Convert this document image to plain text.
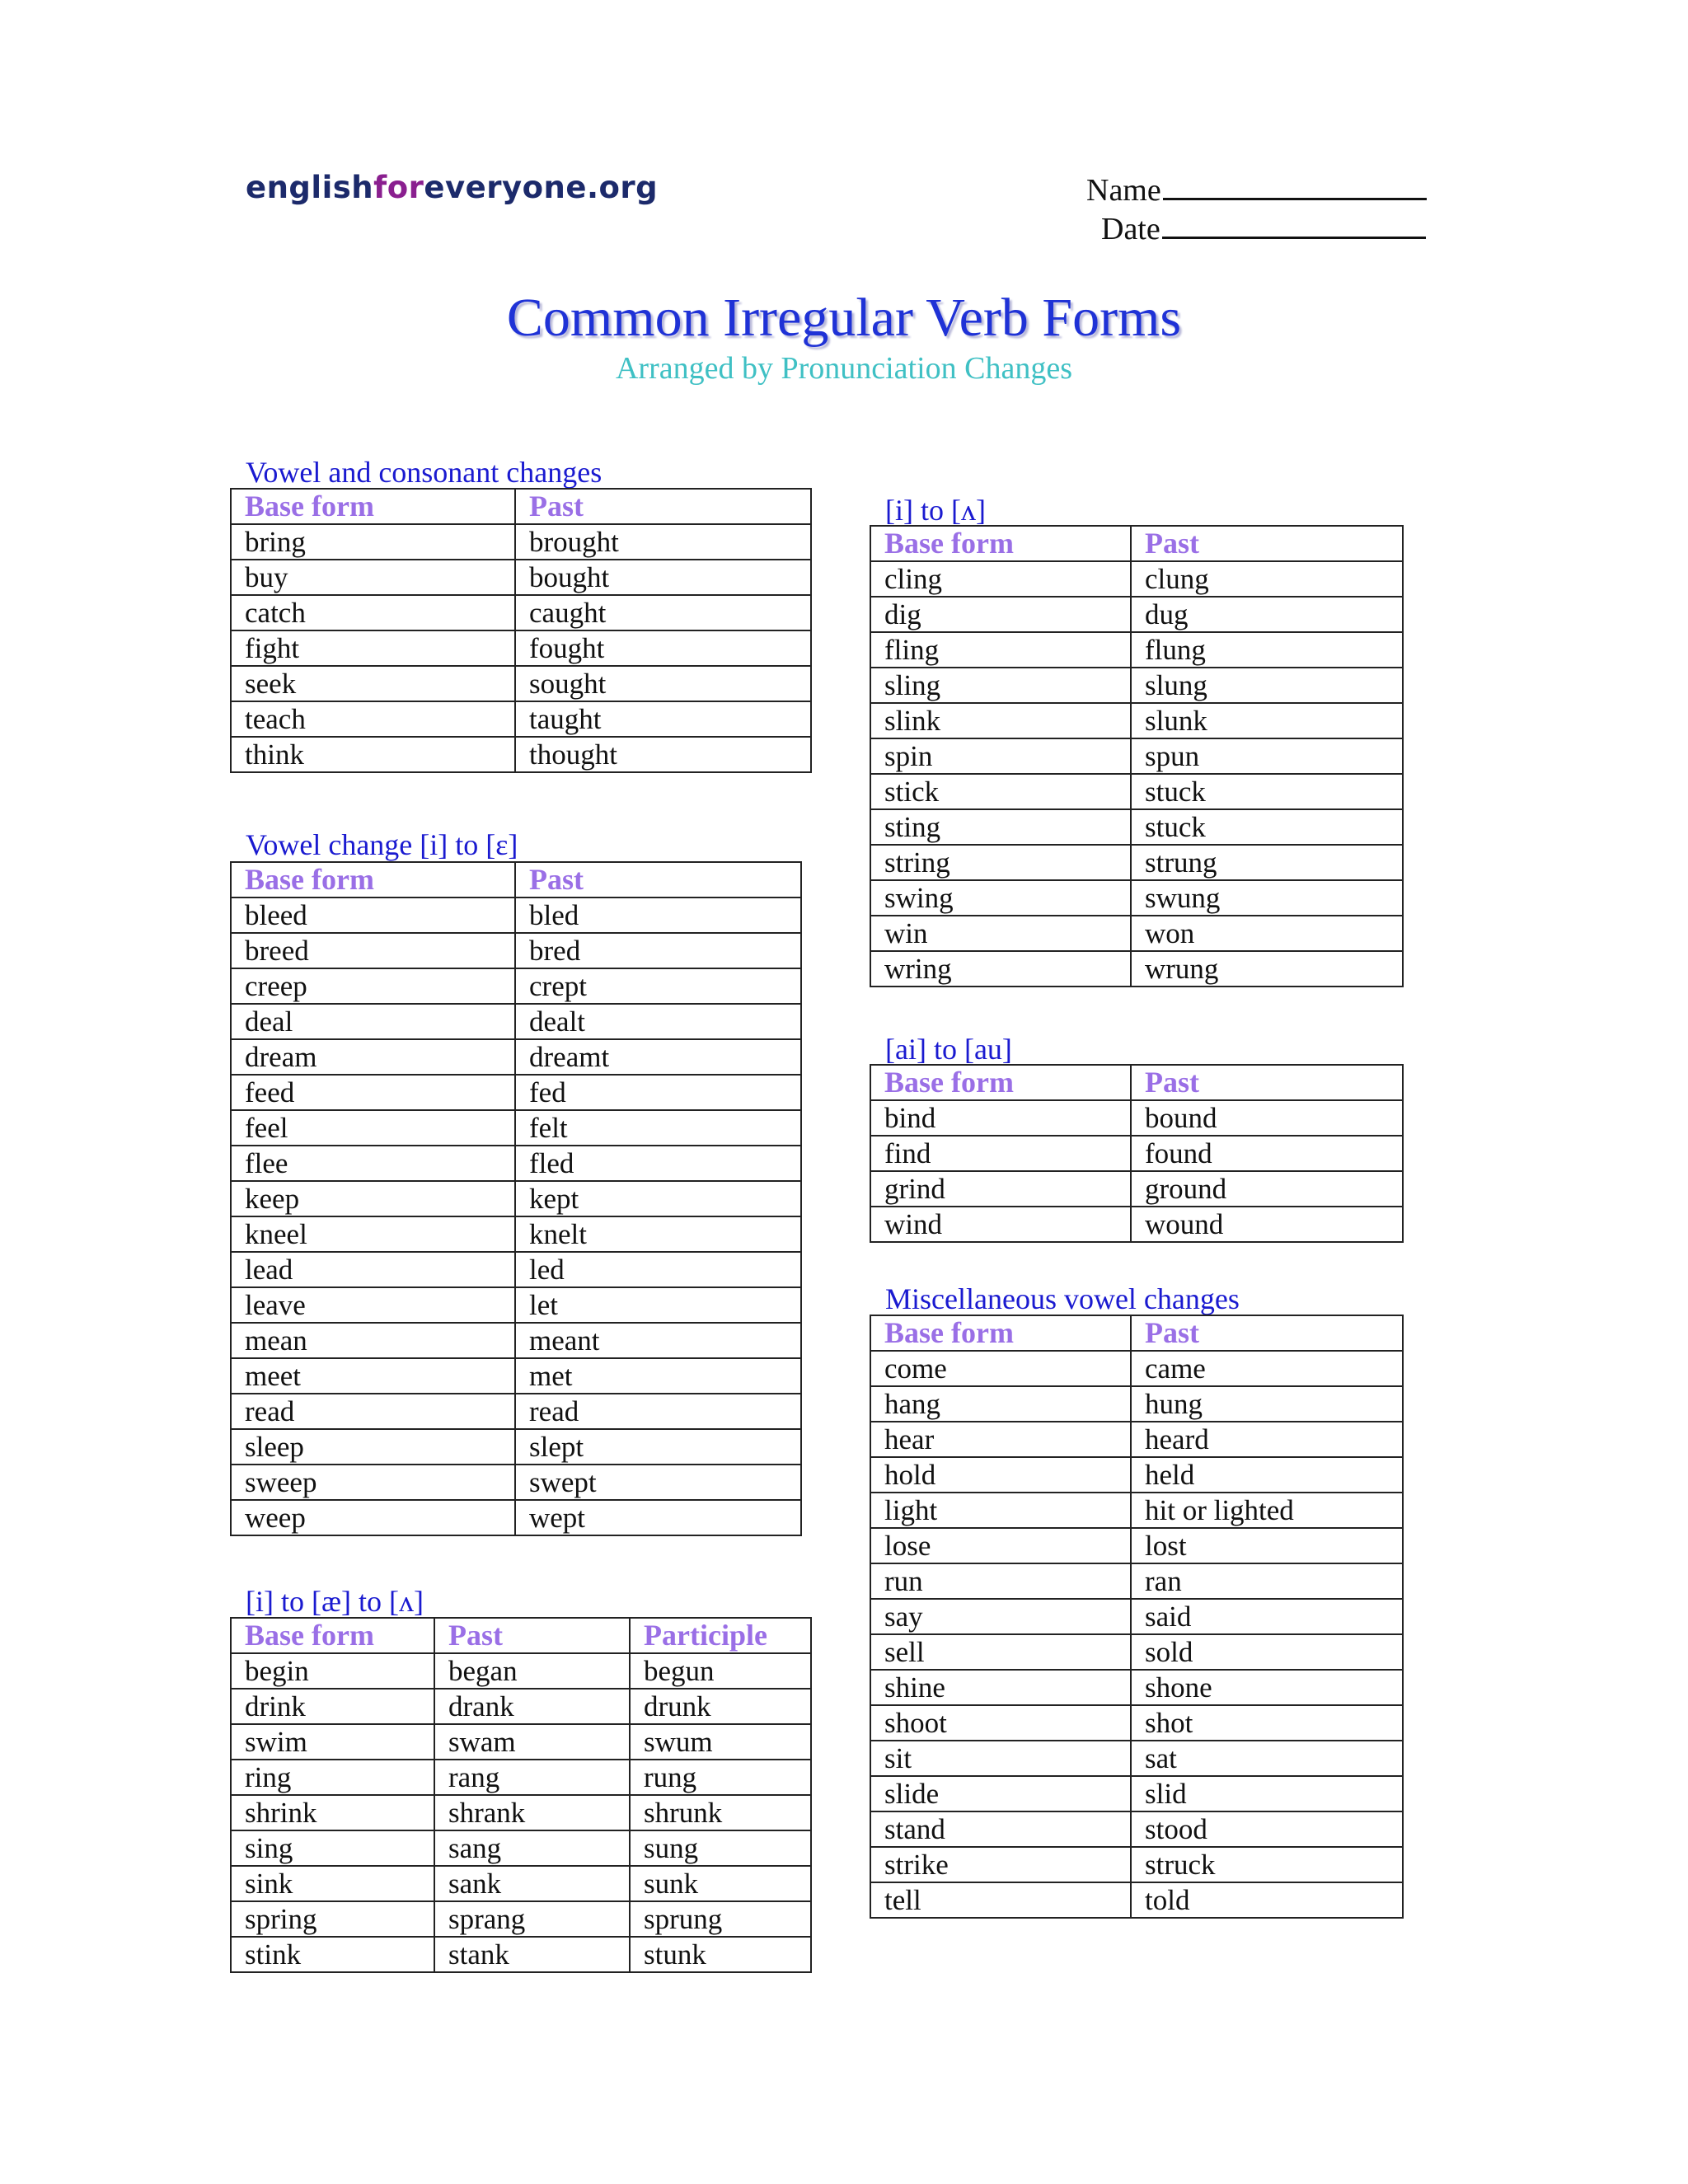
englishforeveryone.org	Name
Date
Common Irregular Verb Forms
Arranged by Pronunciation Changes
Vowel and consonant changes
Base form	Past
bring	brought
buy	bought
catch	caught
fight	fought
seek	sought
teach	taught
think	thought
Vowel change [i] to [ɛ]
Base form	Past
bleed	bled
breed	bred
creep	crept
deal	dealt
dream	dreamt
feed	fed
feel	felt
flee	fled
keep	kept
kneel	knelt
lead	led
leave	let
mean	meant
meet	met
read	read
sleep	slept
sweep	swept
weep	wept
[i] to [æ] to [ʌ]
Base form	Past	Participle
begin	began	begun
drink	drank	drunk
swim	swam	swum
ring	rang	rung
shrink	shrank	shrunk
sing	sang	sung
sink	sank	sunk
spring	sprang	sprung
stink	stank	stunk
[i] to [ʌ]
Base form	Past
cling	clung
dig	dug
fling	flung
sling	slung
slink	slunk
spin	spun
stick	stuck
sting	stuck
string	strung
swing	swung
win	won
wring	wrung
[ai] to [au]
Base form	Past
bind	bound
find	found
grind	ground
wind	wound
Miscellaneous vowel changes
Base form	Past
come	came
hang	hung
hear	heard
hold	held
light	hit or lighted
lose	lost
run	ran
say	said
sell	sold
shine	shone
shoot	shot
sit	sat
slide	slid
stand	stood
strike	struck
tell	told
